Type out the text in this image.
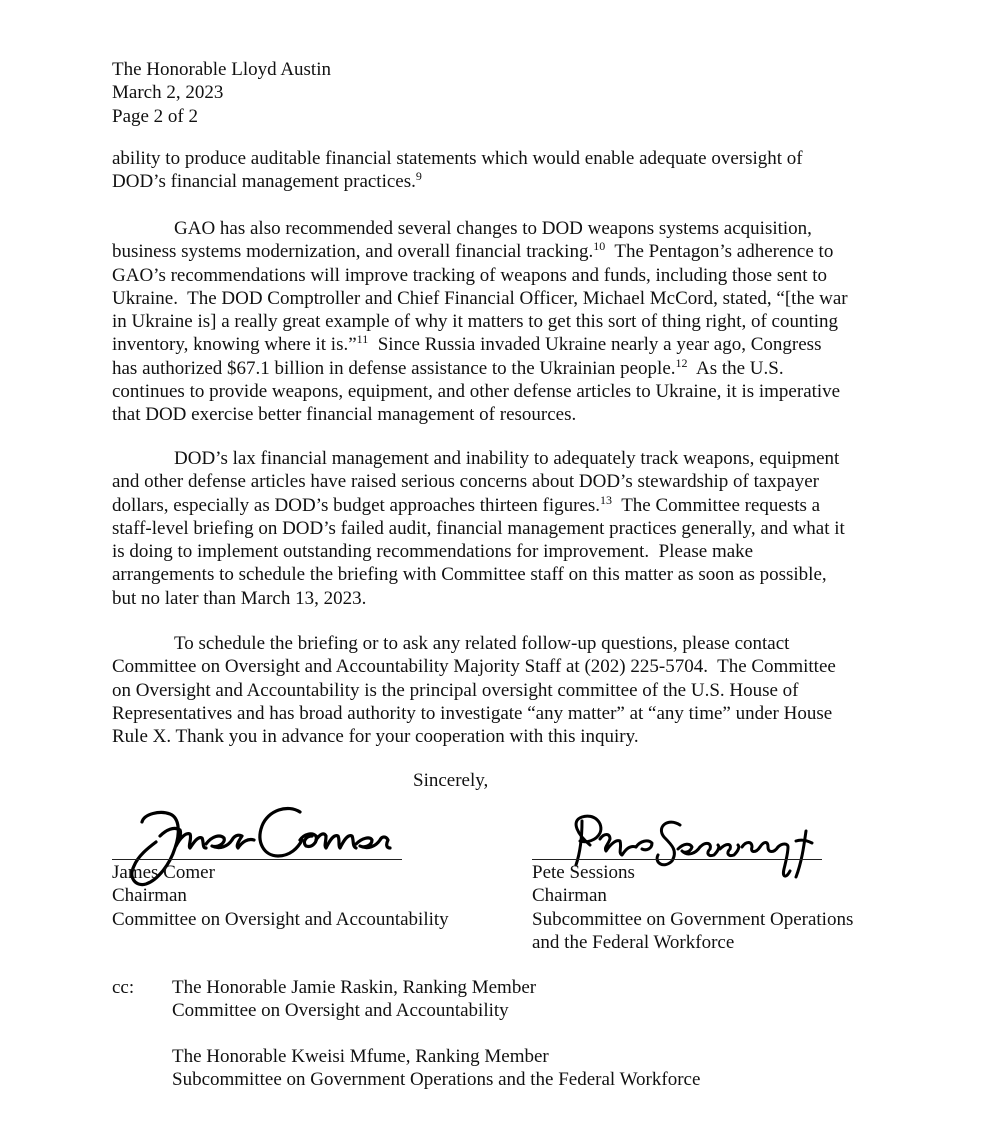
The Honorable Lloyd Austin
March 2, 2023
Page 2 of 2
ability to produce auditable financial statements which would enable adequate oversight of
DOD’s financial management practices.$^9$
GAO has also recommended several changes to DOD weapons systems acquisition,
business systems modernization, and overall financial tracking.$^{10}$  The Pentagon’s adherence to
GAO’s recommendations will improve tracking of weapons and funds, including those sent to
Ukraine.  The DOD Comptroller and Chief Financial Officer, Michael McCord, stated, “[the war
in Ukraine is] a really great example of why it matters to get this sort of thing right, of counting
inventory, knowing where it is.”$^{11}$  Since Russia invaded Ukraine nearly a year ago, Congress
has authorized $67.1 billion in defense assistance to the Ukrainian people.$^{12}$  As the U.S.
continues to provide weapons, equipment, and other defense articles to Ukraine, it is imperative
that DOD exercise better financial management of resources.
DOD’s lax financial management and inability to adequately track weapons, equipment
and other defense articles have raised serious concerns about DOD’s stewardship of taxpayer
dollars, especially as DOD’s budget approaches thirteen figures.$^{13}$  The Committee requests a
staff-level briefing on DOD’s failed audit, financial management practices generally, and what it
is doing to implement outstanding recommendations for improvement.  Please make
arrangements to schedule the briefing with Committee staff on this matter as soon as possible,
but no later than March 13, 2023.
To schedule the briefing or to ask any related follow-up questions, please contact
Committee on Oversight and Accountability Majority Staff at (202) 225-5704.  The Committee
on Oversight and Accountability is the principal oversight committee of the U.S. House of
Representatives and has broad authority to investigate “any matter” at “any time” under House
Rule X. Thank you in advance for your cooperation with this inquiry.
Sincerely,
James Comer
Chairman
Committee on Oversight and Accountability
Pete Sessions
Chairman
Subcommittee on Government Operations
and the Federal Workforce
cc: The Honorable Jamie Raskin, Ranking Member
Committee on Oversight and Accountability
The Honorable Kweisi Mfume, Ranking Member
Subcommittee on Government Operations and the Federal Workforce
